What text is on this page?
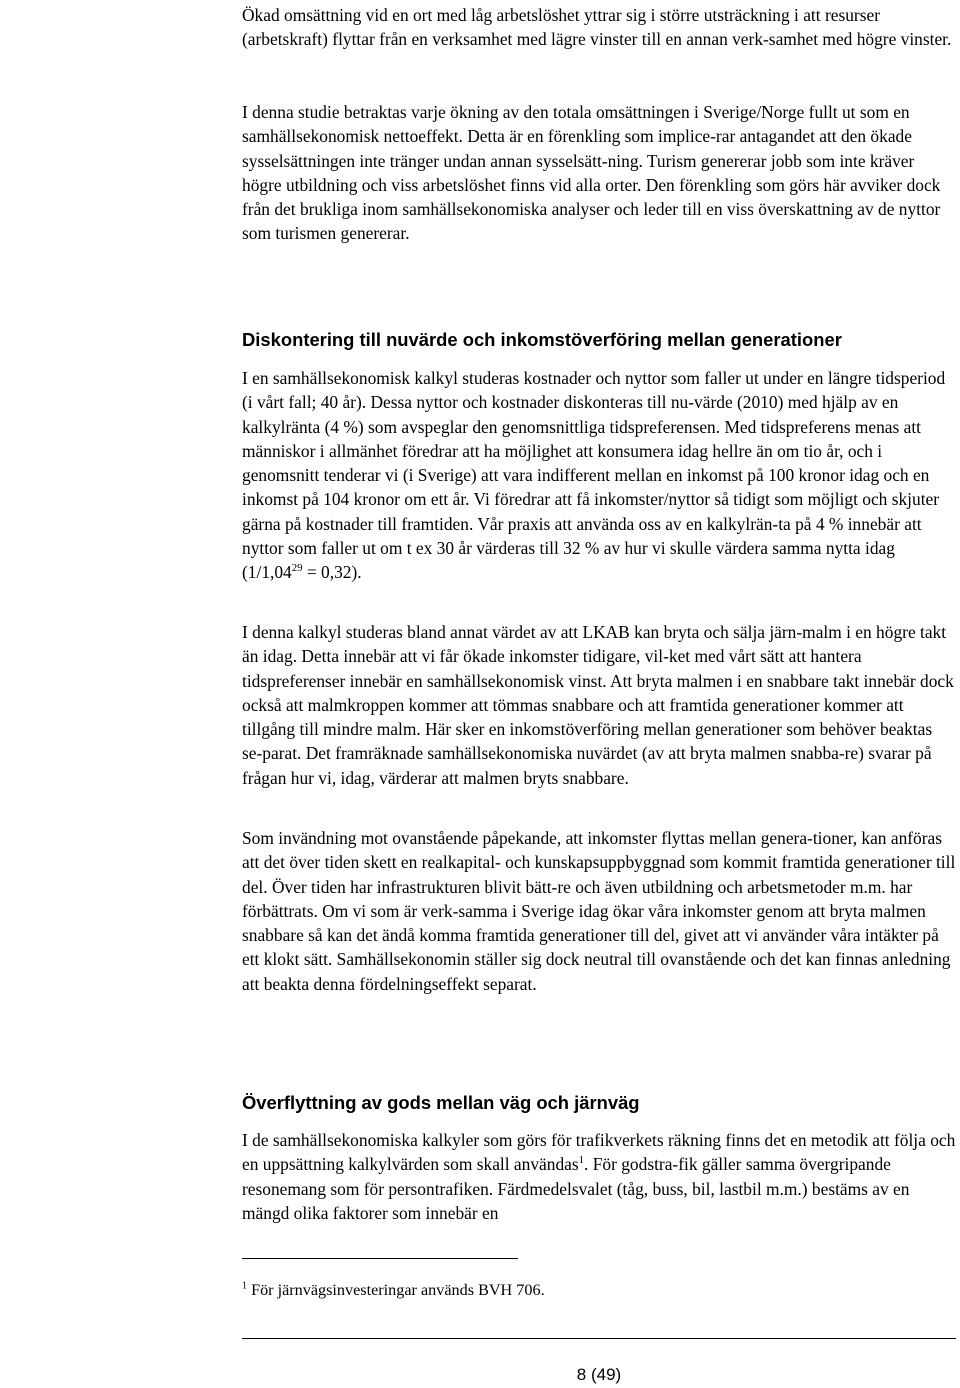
Ökad omsättning vid en ort med låg arbetslöshet yttrar sig i större utsträckning i att resurser (arbetskraft) flyttar från en verksamhet med lägre vinster till en annan verk-samhet med högre vinster.

I denna studie betraktas varje ökning av den totala omsättningen i Sverige/Norge fullt ut som en samhällsekonomisk nettoeffekt. Detta är en förenkling som implice-rar antagandet att den ökade sysselsättningen inte tränger undan annan sysselsätt-ning. Turism genererar jobb som inte kräver högre utbildning och viss arbetslöshet finns vid alla orter. Den förenkling som görs här avviker dock från det brukliga inom samhällsekonomiska analyser och leder till en viss överskattning av de nyttor som turismen genererar.

Diskontering till nuvärde och inkomstöverföring mellan generationer

I en samhällsekonomisk kalkyl studeras kostnader och nyttor som faller ut under en längre tidsperiod (i vårt fall; 40 år). Dessa nyttor och kostnader diskonteras till nu-värde (2010) med hjälp av en kalkylränta (4 %) som avspeglar den genomsnittliga tidspreferensen. Med tidspreferens menas att människor i allmänhet föredrar att ha möjlighet att konsumera idag hellre än om tio år, och i genomsnitt tenderar vi (i Sverige) att vara indifferent mellan en inkomst på 100 kronor idag och en inkomst på 104 kronor om ett år. Vi föredrar att få inkomster/nyttor så tidigt som möjligt och skjuter gärna på kostnader till framtiden. Vår praxis att använda oss av en kalkylrän-ta på 4 % innebär att nyttor som faller ut om t ex 30 år värderas till 32 % av hur vi skulle värdera samma nytta idag $(1/1,04^{29} = 0,32)$.

I denna kalkyl studeras bland annat värdet av att LKAB kan bryta och sälja järn-malm i en högre takt än idag. Detta innebär att vi får ökade inkomster tidigare, vil-ket med vårt sätt att hantera tidspreferenser innebär en samhällsekonomisk vinst. Att bryta malmen i en snabbare takt innebär dock också att malmkroppen kommer att tömmas snabbare och att framtida generationer kommer att tillgång till mindre malm. Här sker en inkomstöverföring mellan generationer som behöver beaktas se-parat. Det framräknade samhällsekonomiska nuvärdet (av att bryta malmen snabba-re) svarar på frågan hur vi, idag, värderar att malmen bryts snabbare.

Som invändning mot ovanstående påpekande, att inkomster flyttas mellan genera-tioner, kan anföras att det över tiden skett en realkapital- och kunskapsuppbyggnad som kommit framtida generationer till del. Över tiden har infrastrukturen blivit bätt-re och även utbildning och arbetsmetoder m.m. har förbättrats. Om vi som är verk-samma i Sverige idag ökar våra inkomster genom att bryta malmen snabbare så kan det ändå komma framtida generationer till del, givet att vi använder våra intäkter på ett klokt sätt. Samhällsekonomin ställer sig dock neutral till ovanstående och det kan finnas anledning att beakta denna fördelningseffekt separat.

Överflyttning av gods mellan väg och järnväg

I de samhällsekonomiska kalkyler som görs för trafikverkets räkning finns det en metodik att följa och en uppsättning kalkylvärden som skall användas$^1$. För godstra-fik gäller samma övergripande resonemang som för persontrafiken. Färdmedelsvalet (tåg, buss, bil, lastbil m.m.) bestäms av en mängd olika faktorer som innebär en

$^1$ För järnvägsinvesteringar används BVH 706.

8 (49)
